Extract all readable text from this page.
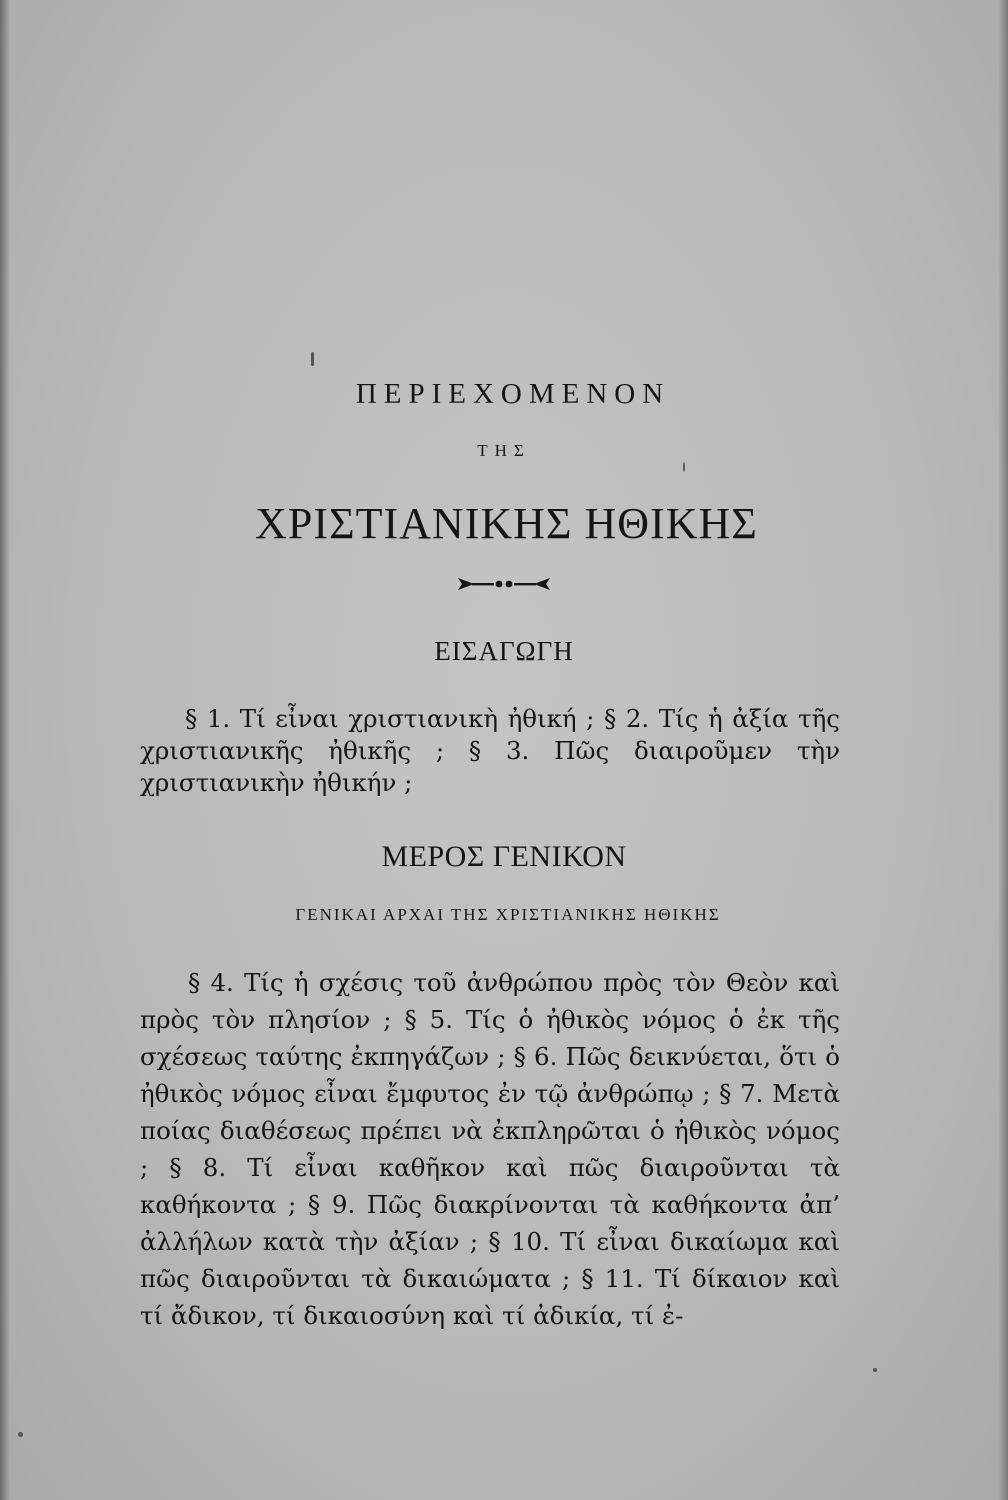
ΠΕΡΙΕΧΟΜΕΝΟΝ
ΤΗΣ
ΧΡΙΣΤΙΑΝΙΚΗΣ ΗΘΙΚΗΣ
ΕΙΣΑΓΩΓΗ

§ 1. Τί εἶναι χριστιανικὴ ἠθική ; § 2. Τίς ἡ ἀξία τῆς χριστιανικῆς ἠθικῆς ; § 3. Πῶς διαιροῦμεν τὴν χριστιανικὴν ἠθικήν ;

ΜΕΡΟΣ ΓΕΝΙΚΟΝ
ΓΕΝΙΚΑΙ ΑΡΧΑΙ ΤΗΣ ΧΡΙΣΤΙΑΝΙΚΗΣ ΗΘΙΚΗΣ

§ 4. Τίς ἡ σχέσις τοῦ ἀνθρώπου πρὸς τὸν Θεὸν καὶ πρὸς τὸν πλησίον ; § 5. Τίς ὁ ἠθικὸς νόμος ὁ ἐκ τῆς σχέσεως ταύτης ἐκπηγάζων ; § 6. Πῶς δεικνύεται, ὅτι ὁ ἠθικὸς νόμος εἶναι ἔμφυτος ἐν τῷ ἀνθρώπῳ ; § 7. Μετὰ ποίας διαθέσεως πρέπει νὰ ἐκπληρῶται ὁ ἠθικὸς νόμος ; § 8. Τί εἶναι καθῆκον καὶ πῶς διαιροῦνται τὰ καθήκοντα ; § 9. Πῶς διακρίνονται τὰ καθήκοντα ἀπ’ ἀλλήλων κατὰ τὴν ἀξίαν ; § 10. Τί εἶναι δικαίωμα καὶ πῶς διαιροῦνται τὰ δικαιώματα ; § 11. Τί δίκαιον καὶ τί ἄδικον, τί δικαιοσύνη καὶ τί ἀδικία, τί ἐ-
